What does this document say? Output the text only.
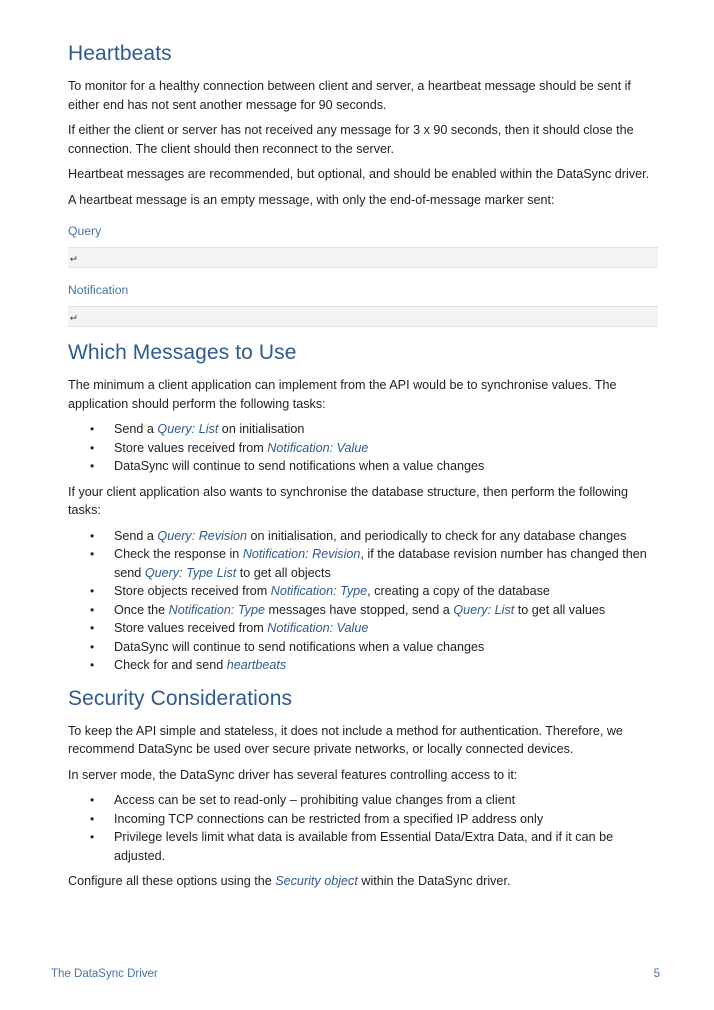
Heartbeats

To monitor for a healthy connection between client and server, a heartbeat message should be sent if either end has not sent another message for 90 seconds.

If either the client or server has not received any message for 3 x 90 seconds, then it should close the connection. The client should then reconnect to the server.

Heartbeat messages are recommended, but optional, and should be enabled within the DataSync driver.

A heartbeat message is an empty message, with only the end-of-message marker sent:

Query
↵
Notification
↵
Which Messages to Use

The minimum a client application can implement from the API would be to synchronise values. The application should perform the following tasks:

• Send a Query: List on initialisation
• Store values received from Notification: Value
• DataSync will continue to send notifications when a value changes

If your client application also wants to synchronise the database structure, then perform the following tasks:

• Send a Query: Revision on initialisation, and periodically to check for any database changes
• Check the response in Notification: Revision, if the database revision number has changed then send Query: Type List to get all objects
• Store objects received from Notification: Type, creating a copy of the database
• Once the Notification: Type messages have stopped, send a Query: List to get all values
• Store values received from Notification: Value
• DataSync will continue to send notifications when a value changes
• Check for and send heartbeats
Security Considerations

To keep the API simple and stateless, it does not include a method for authentication. Therefore, we recommend DataSync be used over secure private networks, or locally connected devices.

In server mode, the DataSync driver has several features controlling access to it:

• Access can be set to read-only – prohibiting value changes from a client
• Incoming TCP connections can be restricted from a specified IP address only
• Privilege levels limit what data is available from Essential Data/Extra Data, and if it can be adjusted.

Configure all these options using the Security object within the DataSync driver.

The DataSync Driver	5
